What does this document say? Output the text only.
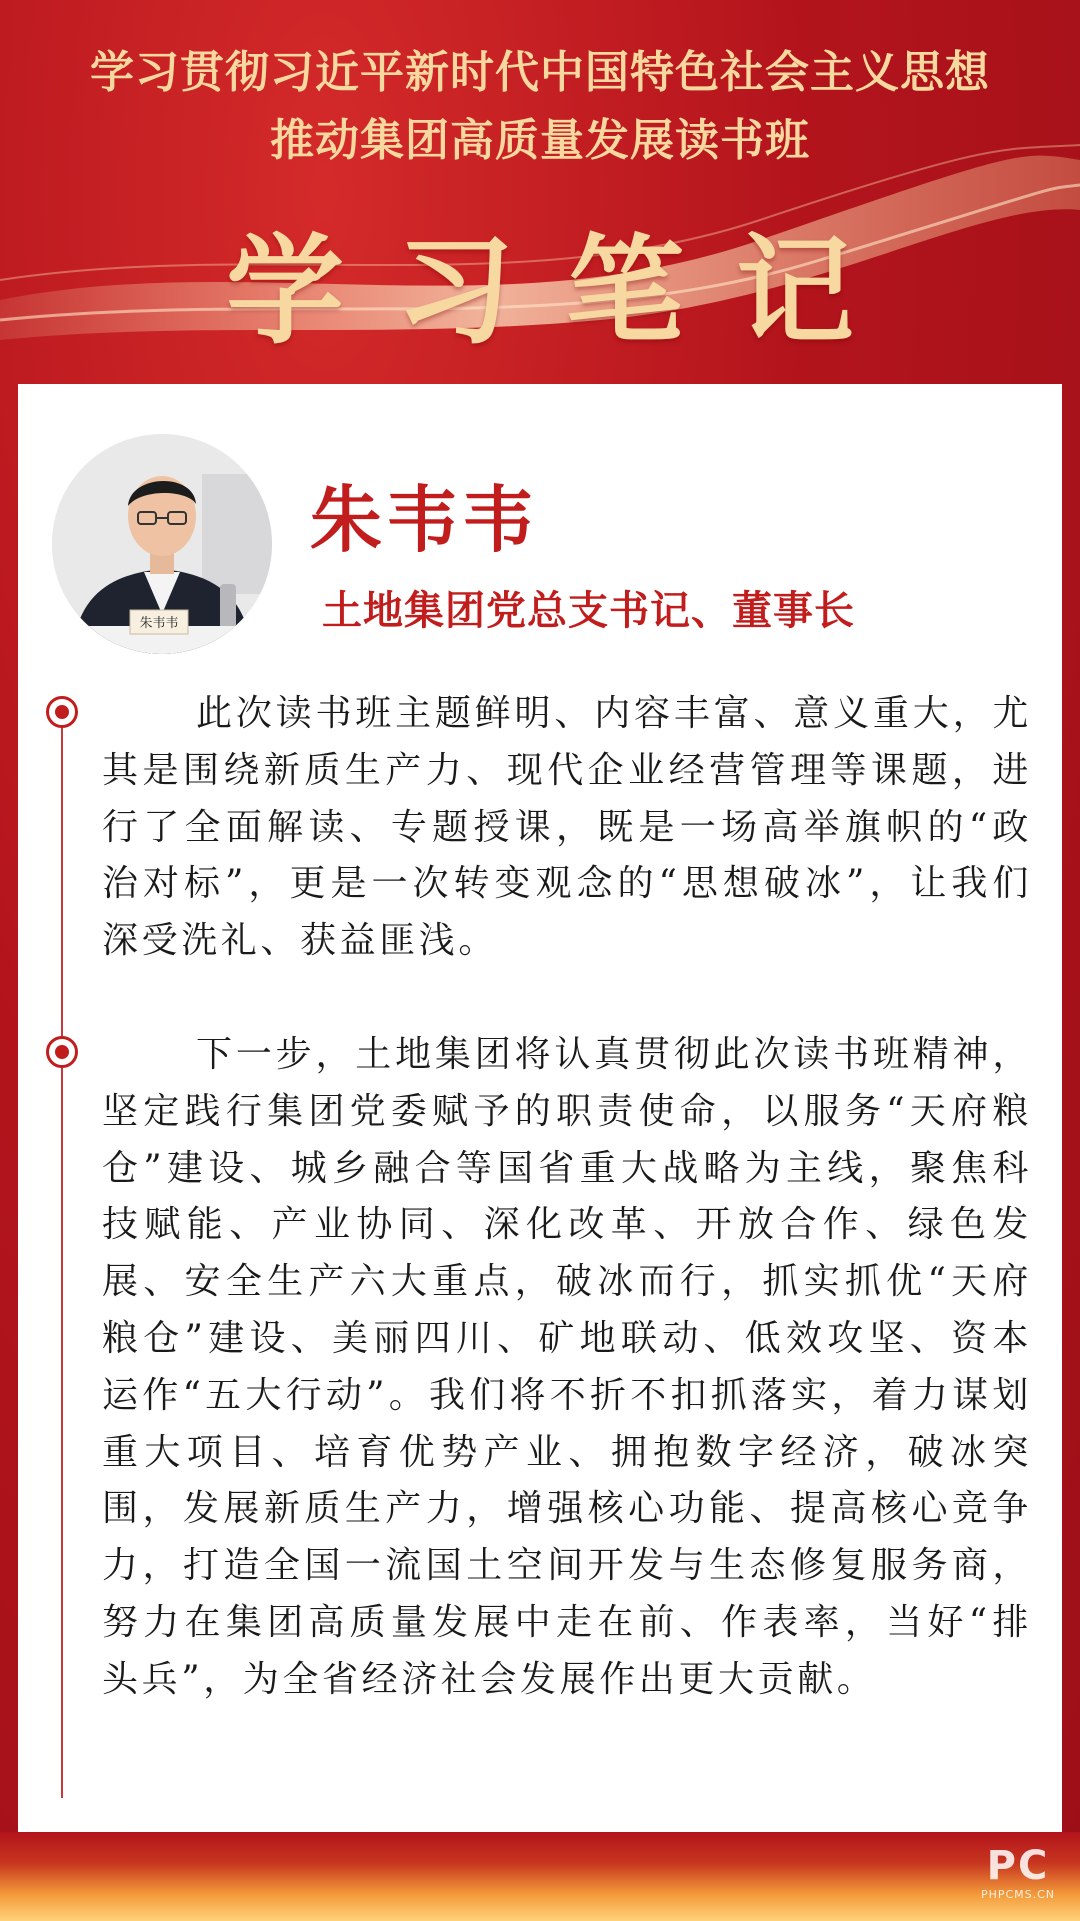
学习贯彻习近平新时代中国特色社会主义思想
推动集团高质量发展读书班
学习笔记
朱韦韦
朱韦韦
土地集团党总支书记、董事长

此次读书班主题鲜明、内容丰富、意义重大，尤其是围绕新质生产力、现代企业经营管理等课题，进行了全面解读、专题授课，既是一场高举旗帜的“政治对标”，更是一次转变观念的“思想破冰”，让我们深受洗礼、获益匪浅。

下一步，土地集团将认真贯彻此次读书班精神，坚定践行集团党委赋予的职责使命，以服务“天府粮仓”建设、城乡融合等国省重大战略为主线，聚焦科技赋能、产业协同、深化改革、开放合作、绿色发展、安全生产六大重点，破冰而行，抓实抓优“天府粮仓”建设、美丽四川、矿地联动、低效攻坚、资本运作“五大行动”。我们将不折不扣抓落实，着力谋划重大项目、培育优势产业、拥抱数字经济，破冰突围，发展新质生产力，增强核心功能、提高核心竞争力，打造全国一流国土空间开发与生态修复服务商，努力在集团高质量发展中走在前、作表率，当好“排头兵”，为全省经济社会发展作出更大贡献。

PC
PHPCMS.CN
